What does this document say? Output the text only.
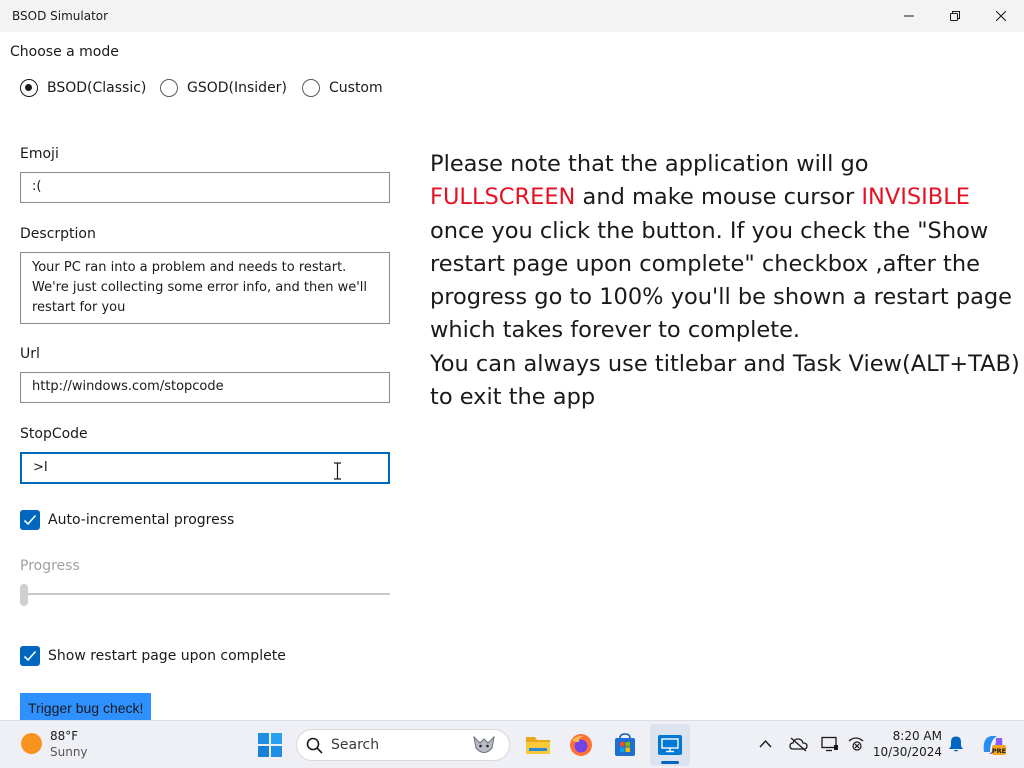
BSOD Simulator
Choose a mode
BSOD(Classic)	GSOD(Insider)	Custom
Emoji
:(
Descrption
Your PC ran into a problem and needs to restart.
We're just collecting some error info, and then we'll
restart for you
Url
http://windows.com/stopcode
StopCode
>I
Auto-incremental progress
Progress
Show restart page upon complete
Trigger bug check!
Please note that the application will go
FULLSCREEN and make mouse cursor INVISIBLE
once you click the button. If you check the "Show
restart page upon complete" checkbox ,after the
progress go to 100% you'll be shown a restart page
which takes forever to complete.
You can always use titlebar and Task View(ALT+TAB)
to exit the app
88°F
Sunny	Search
8:20 AM
10/30/2024	PRE
